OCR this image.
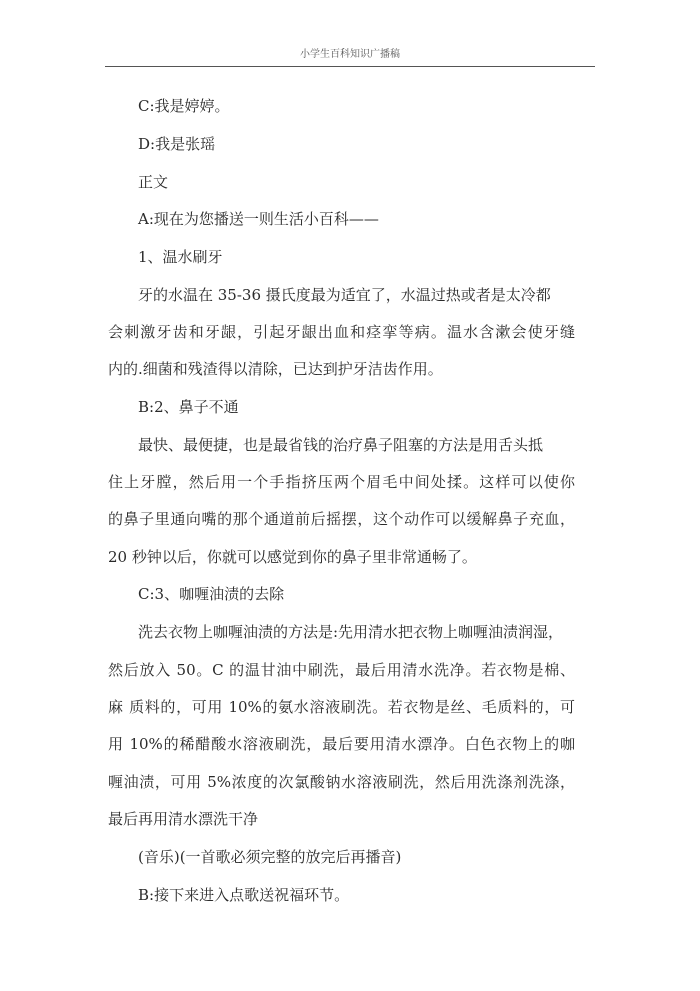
小学生百科知识广播稿
C:我是婷婷。
D:我是张瑶
正文
A:现在为您播送一则生活小百科——
1、温水刷牙
牙的水温在 35-36 摄氏度最为适宜了，水温过热或者是太冷都
会刺激牙齿和牙龈，引起牙龈出血和痉挛等病。温水含漱会使牙缝
内的.细菌和残渣得以清除，已达到护牙洁齿作用。
B:2、鼻子不通
最快、最便捷，也是最省钱的治疗鼻子阻塞的方法是用舌头抵
住上牙膛，然后用一个手指挤压两个眉毛中间处揉。这样可以使你
的鼻子里通向嘴的那个通道前后摇摆，这个动作可以缓解鼻子充血，
20 秒钟以后，你就可以感觉到你的鼻子里非常通畅了。
C:3、咖喱油渍的去除
洗去衣物上咖喱油渍的方法是:先用清水把衣物上咖喱油渍润湿，
然后放入 50。C 的温甘油中刷洗，最后用清水洗净。若衣物是棉、
麻 质料的，可用 10%的氨水溶液刷洗。若衣物是丝、毛质料的，可
用 10%的稀醋酸水溶液刷洗，最后要用清水漂净。白色衣物上的咖
喱油渍，可用 5%浓度的次氯酸钠水溶液刷洗，然后用洗涤剂洗涤，
最后再用清水漂洗干净
(音乐)(一首歌必须完整的放完后再播音)
B:接下来进入点歌送祝福环节。
